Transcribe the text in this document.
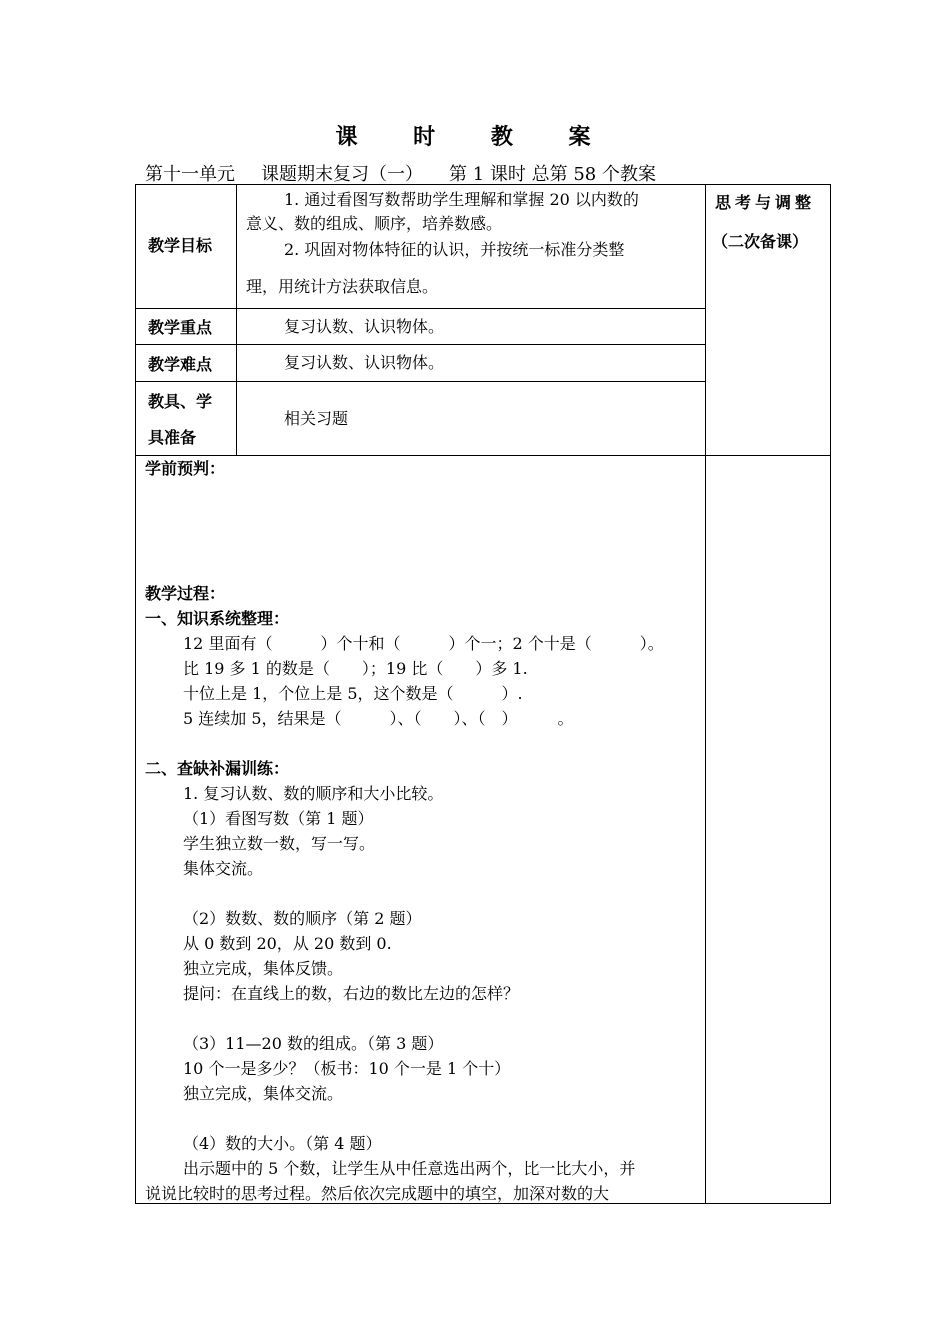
课 时 教 案
第十一单元 课题期末复习（一） 第 1 课时 总第 58 个教案
思考与调整
（二次备课）
教学目标
教学重点
教学难点
教具、学
具准备
1. 通过看图写数帮助学生理解和掌握 20 以内数的
意义、数的组成、顺序，培养数感。
2. 巩固对物体特征的认识，并按统一标准分类整
理，用统计方法获取信息。
复习认数、认识物体。
复习认数、认识物体。
相关习题
学前预判：
教学过程：
一、知识系统整理：
12 里面有（　　　）个十和（　　　）个一；2 个十是（　　　）。
比 19 多 1 的数是（　　）；19 比（　　）多 1.
十位上是 1，个位上是 5，这个数是（　　　）.
5 连续加 5，结果是（　　　）、（　　）、（　）　　　。
二、查缺补漏训练：
1. 复习认数、数的顺序和大小比较。
（1）看图写数（第 1 题）
学生独立数一数，写一写。
集体交流。
（2）数数、数的顺序（第 2 题）
从 0 数到 20，从 20 数到 0.
独立完成，集体反馈。
提问：在直线上的数，右边的数比左边的怎样？
（3）11—20 数的组成。（第 3 题）
10 个一是多少？（板书：10 个一是 1 个十）
独立完成，集体交流。
（4）数的大小。（第 4 题）
出示题中的 5 个数，让学生从中任意选出两个，比一比大小，并
说说比较时的思考过程。然后依次完成题中的填空，加深对数的大
